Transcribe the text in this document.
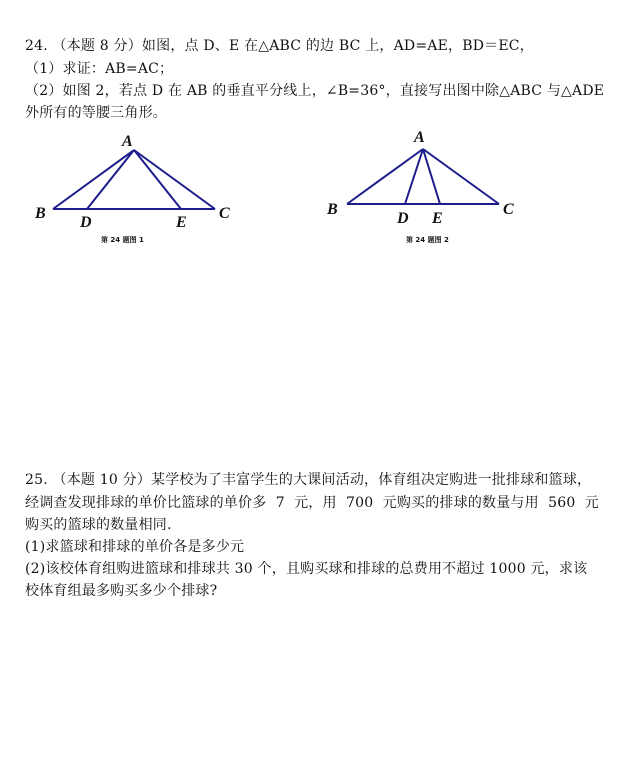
24. （本题 8 分）如图，点 D、E 在△ABC 的边 BC 上，AD=AE，BD＝EC，
（1）求证：AB=AC；
（2）如图 2，若点 D 在 AB 的垂直平分线上，∠B=36°，直接写出图中除△ABC 与△ADE
外所有的等腰三角形。
A
B
D	E
C
第 24 题图 1
A
B
D E
C
第 24 题图 2
25. （本题 10 分）某学校为了丰富学生的大课间活动，体育组决定购进一批排球和篮球，
经调查发现排球的单价比篮球的单价多  7  元，用  700  元购买的排球的数量与用  560  元
购买的篮球的数量相同.
(1)求篮球和排球的单价各是多少元
(2)该校体育组购进篮球和排球共 30 个，且购买球和排球的总费用不超过 1000 元，求该
校体育组最多购买多少个排球?
